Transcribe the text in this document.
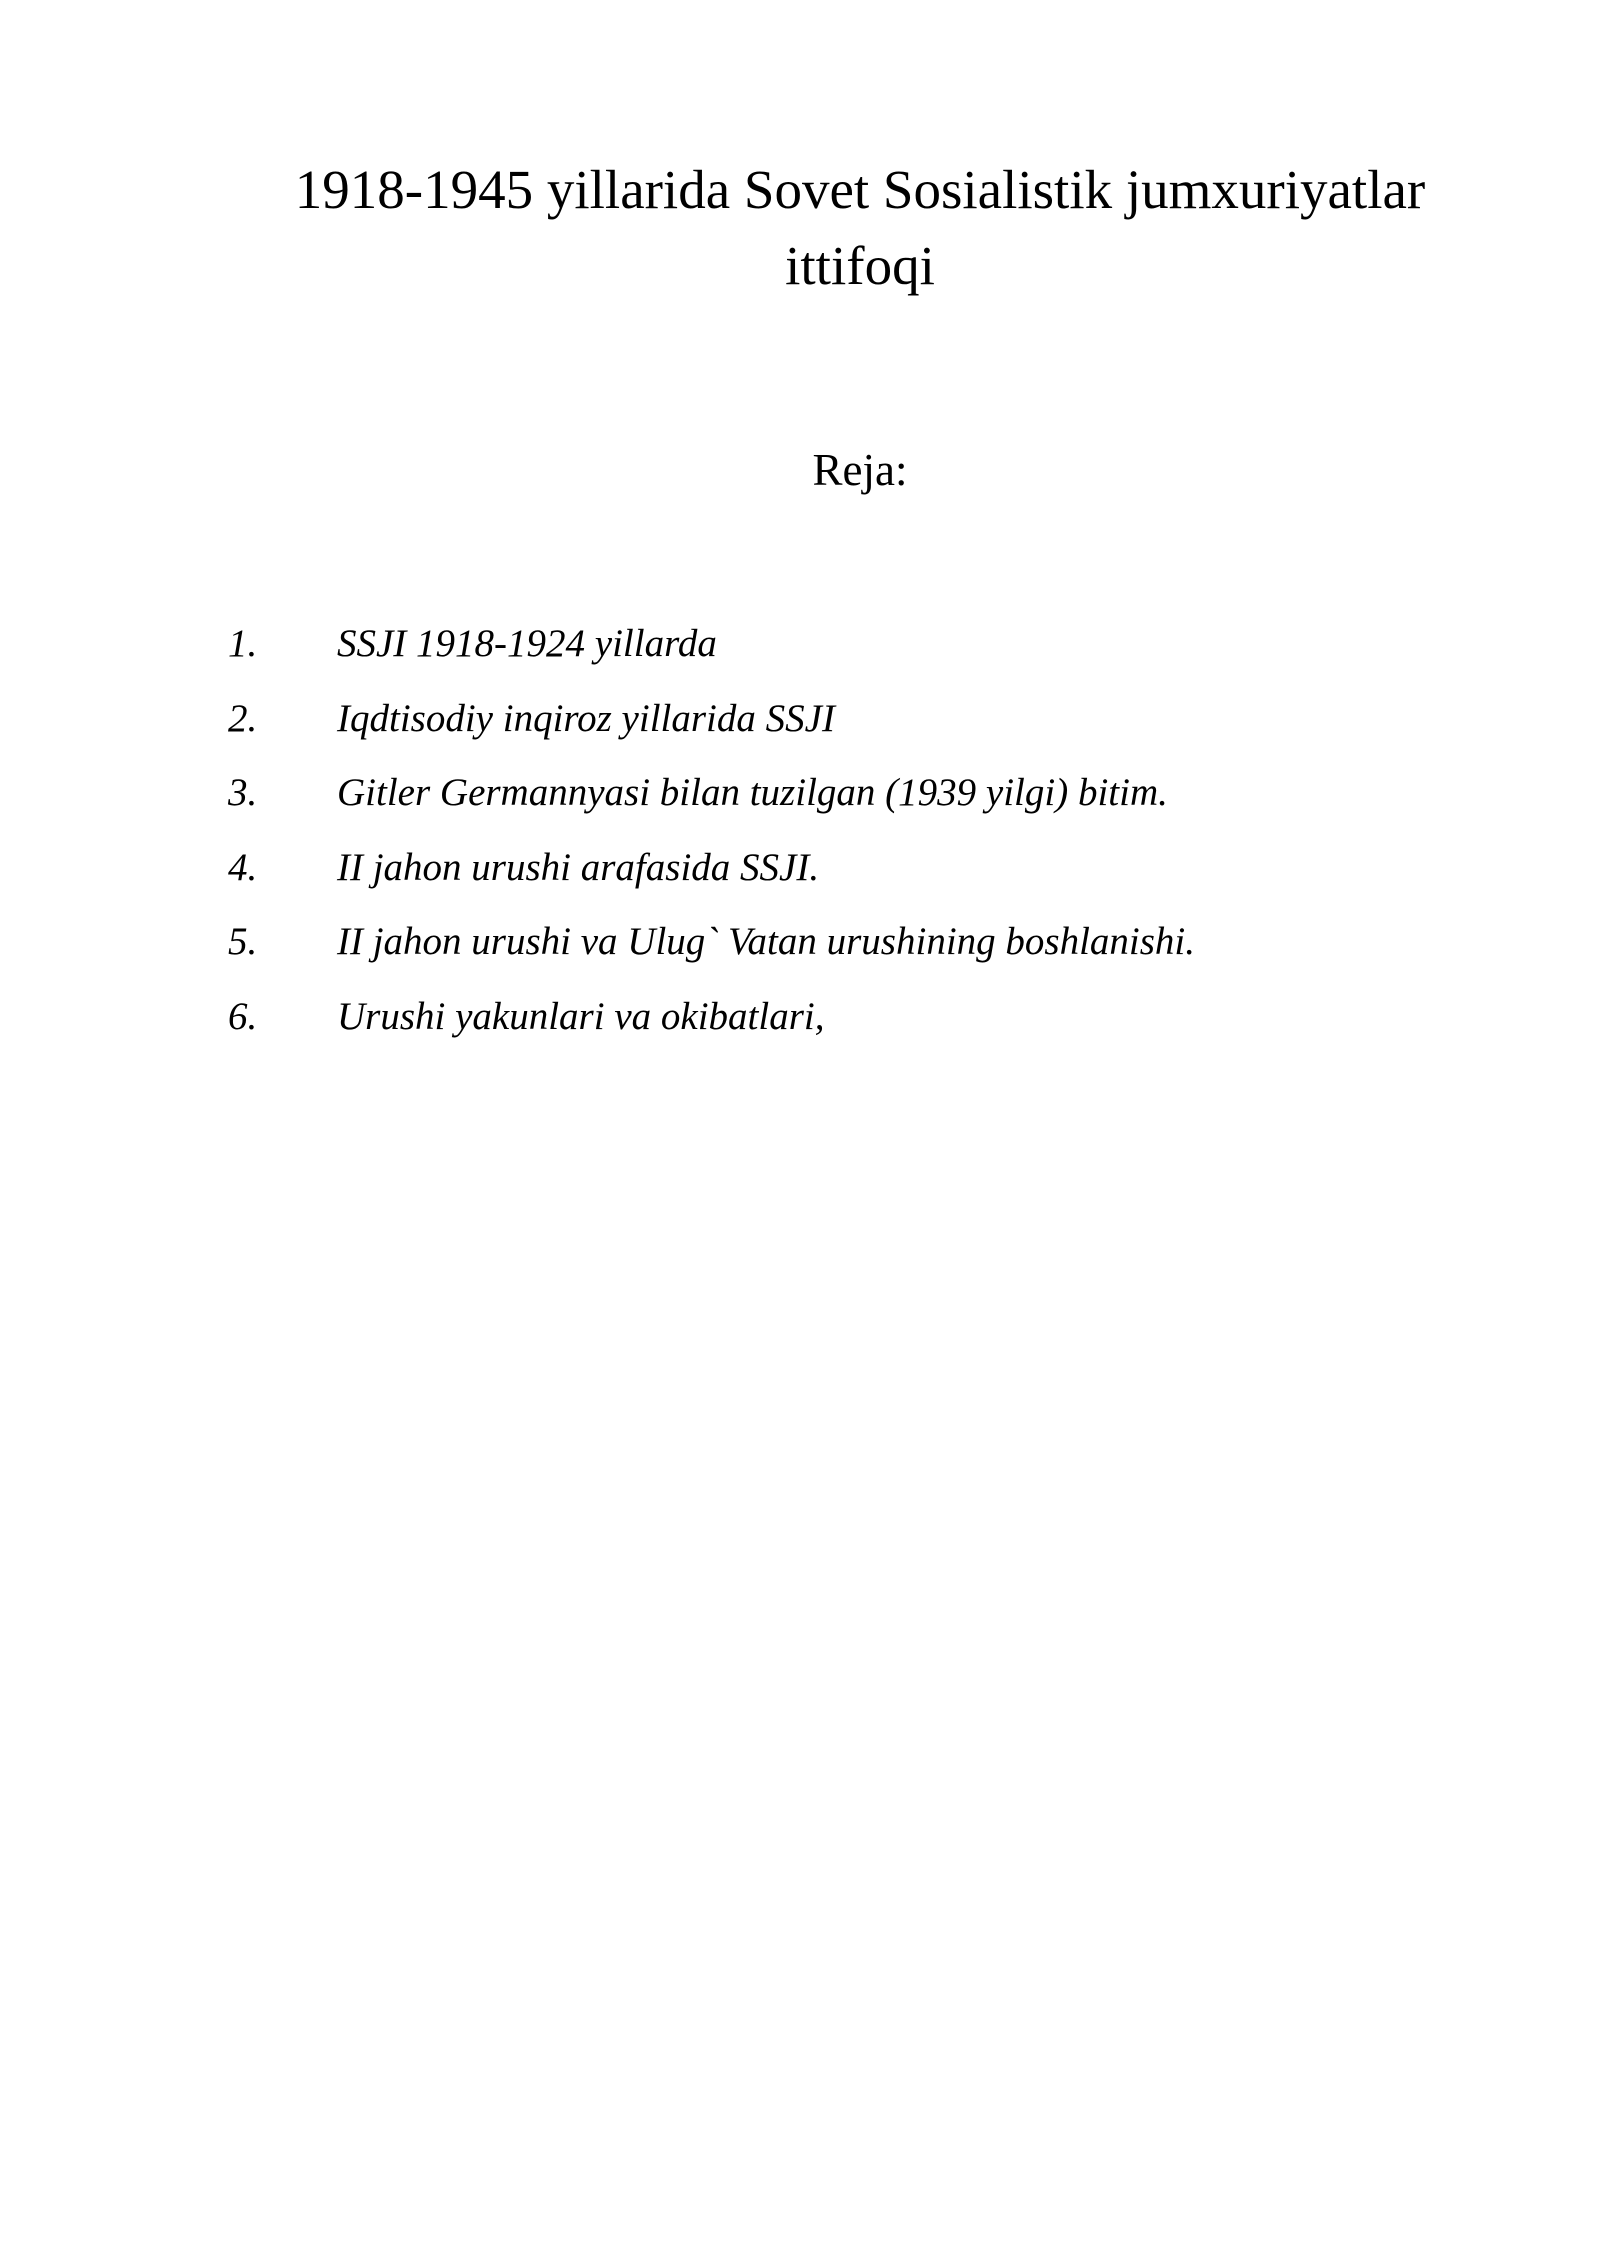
1918-1945 yillarida Sovet Sosialistik jumxuriyatlar ittifoqi
Reja:
1.	SSJI 1918-1924 yillarda
2.	Iqdtisodiy inqiroz yillarida SSJI
3.	Gitler Germannyasi bilan tuzilgan (1939 yilgi) bitim.
4.	II jahon urushi arafasida SSJI.
5.	II jahon urushi va Ulug` Vatan urushining boshlanishi.
6.	Urushi yakunlari va okibatlari,
